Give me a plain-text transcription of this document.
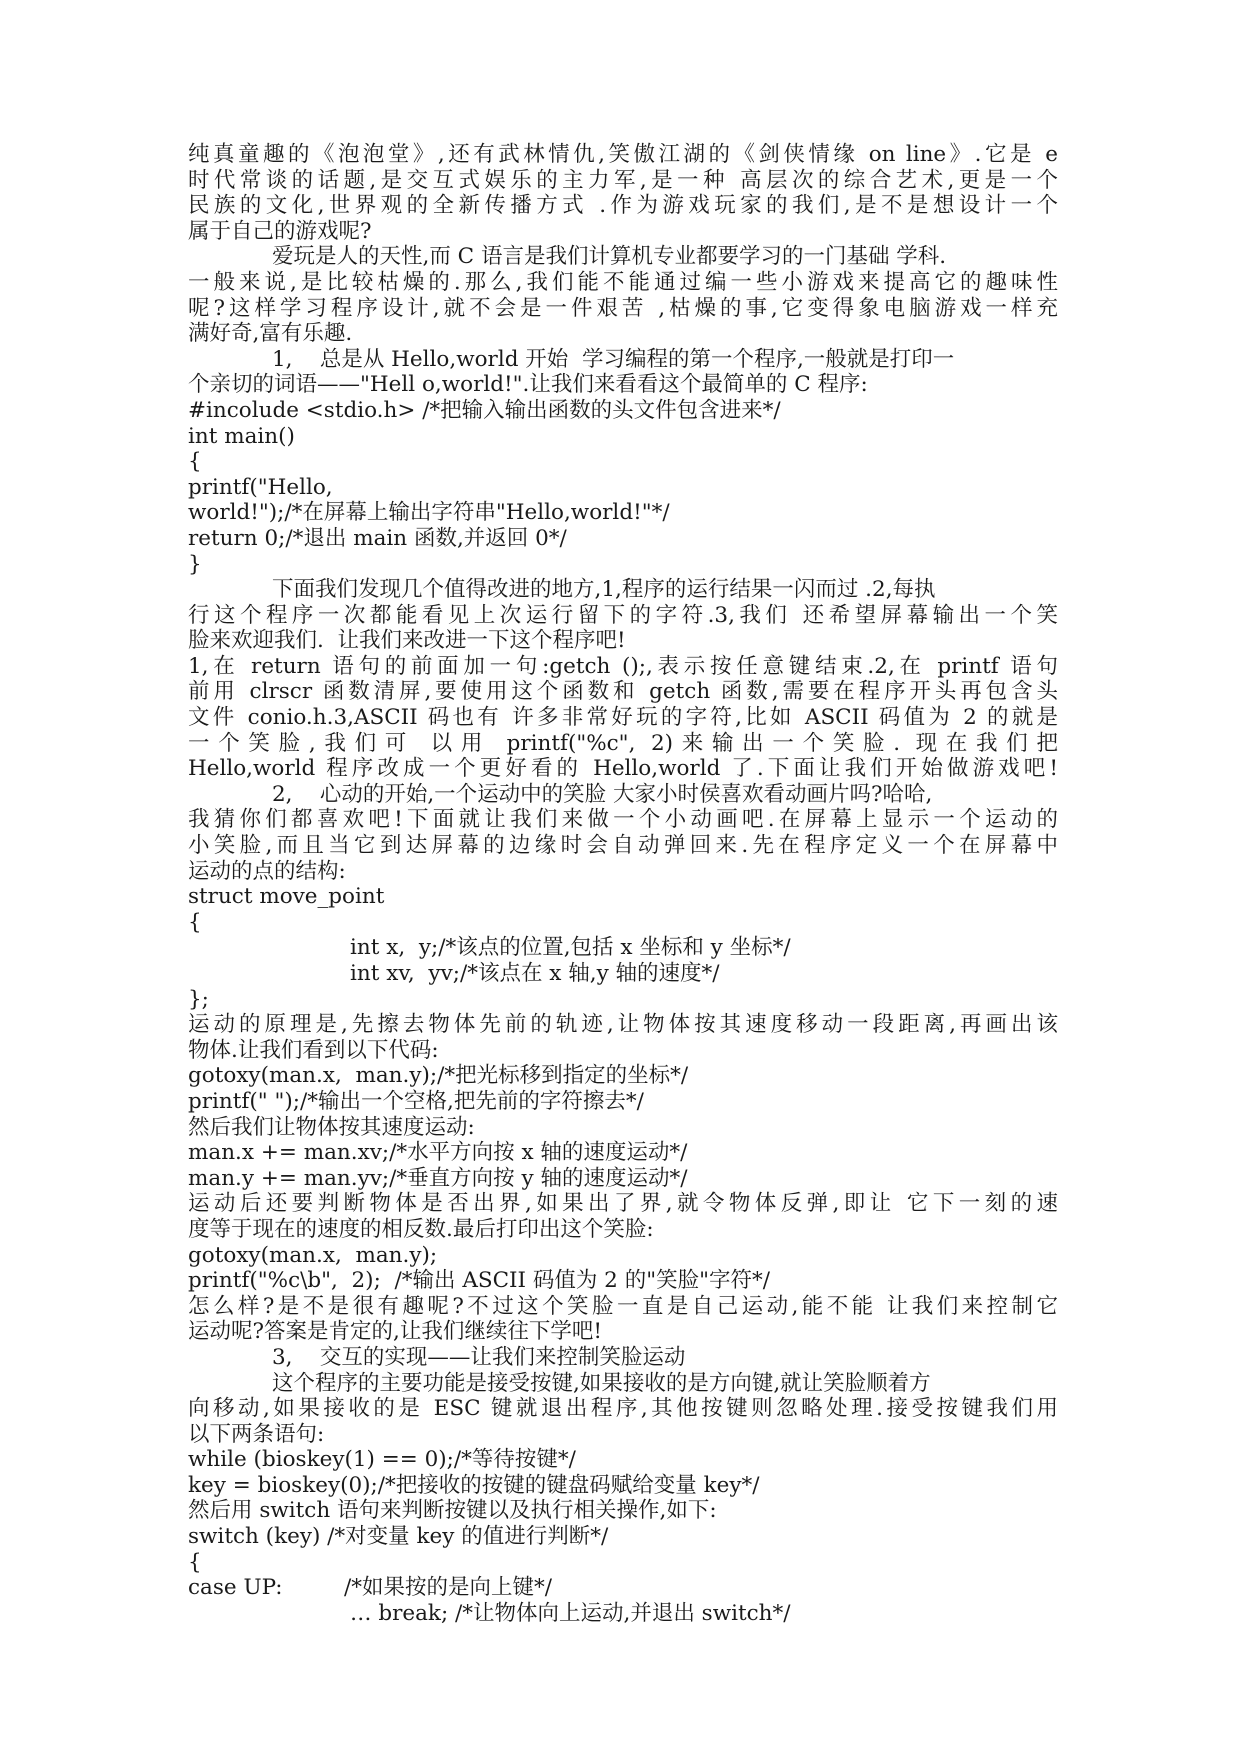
纯真童趣的《泡泡堂》,还有武林情仇,笑傲江湖的《剑侠情缘 on line》.它是 e
时代常谈的话题,是交互式娱乐的主力军,是一种 高层次的综合艺术,更是一个
民族的文化,世界观的全新传播方式 .作为游戏玩家的我们,是不是想设计一个
属于自己的游戏呢?
爱玩是人的天性,而 C 语言是我们计算机专业都要学习的一门基础 学科.
一般来说,是比较枯燥的.那么,我们能不能通过编一些小游戏来提高它的趣味性
呢?这样学习程序设计,就不会是一件艰苦 ,枯燥的事,它变得象电脑游戏一样充
满好奇,富有乐趣.
1,    总是从 Hello,world 开始  学习编程的第一个程序,一般就是打印一
个亲切的词语——"Hell o,world!".让我们来看看这个最简单的 C 程序:
#incolude <stdio.h> /*把输入输出函数的头文件包含进来*/
int main()
{
printf("Hello,
world!");/*在屏幕上输出字符串"Hello,world!"*/
return 0;/*退出 main 函数,并返回 0*/
}
下面我们发现几个值得改进的地方,1,程序的运行结果一闪而过 .2,每执
行这个程序一次都能看见上次运行留下的字符.3,我们 还希望屏幕输出一个笑
脸来欢迎我们.  让我们来改进一下这个程序吧!
1,在 return 语句的前面加一句:getch ();,表示按任意键结束.2,在 printf 语句
前用 clrscr 函数清屏,要使用这个函数和 getch 函数,需要在程序开头再包含头
文件 conio.h.3,ASCII 码也有 许多非常好玩的字符,比如 ASCII 码值为 2 的就是
一个笑脸,我们可 以用 printf("%c", 2)来输出一个笑脸. 现在我们把
Hello,world 程序改成一个更好看的 Hello,world 了.下面让我们开始做游戏吧!
2,    心动的开始,一个运动中的笑脸 大家小时侯喜欢看动画片吗?哈哈,
我猜你们都喜欢吧!下面就让我们来做一个小动画吧.在屏幕上显示一个运动的
小笑脸,而且当它到达屏幕的边缘时会自动弹回来.先在程序定义一个在屏幕中
运动的点的结构:
struct move_point
{
int x,  y;/*该点的位置,包括 x 坐标和 y 坐标*/
int xv,  yv;/*该点在 x 轴,y 轴的速度*/
};
运动的原理是,先擦去物体先前的轨迹,让物体按其速度移动一段距离,再画出该
物体.让我们看到以下代码:
gotoxy(man.x,  man.y);/*把光标移到指定的坐标*/
printf(" ");/*输出一个空格,把先前的字符擦去*/
然后我们让物体按其速度运动:
man.x += man.xv;/*水平方向按 x 轴的速度运动*/
man.y += man.yv;/*垂直方向按 y 轴的速度运动*/
运动后还要判断物体是否出界,如果出了界,就令物体反弹,即让 它下一刻的速
度等于现在的速度的相反数.最后打印出这个笑脸:
gotoxy(man.x,  man.y);
printf("%c\b",  2);  /*输出 ASCII 码值为 2 的"笑脸"字符*/
怎么样?是不是很有趣呢?不过这个笑脸一直是自己运动,能不能 让我们来控制它
运动呢?答案是肯定的,让我们继续往下学吧!
3,    交互的实现——让我们来控制笑脸运动
这个程序的主要功能是接受按键,如果接收的是方向键,就让笑脸顺着方
向移动,如果接收的是 ESC 键就退出程序,其他按键则忽略处理.接受按键我们用
以下两条语句:
while (bioskey(1) == 0);/*等待按键*/
key = bioskey(0);/*把接收的按键的键盘码赋给变量 key*/
然后用 switch 语句来判断按键以及执行相关操作,如下:
switch (key) /*对变量 key 的值进行判断*/
{
case UP:         /*如果按的是向上键*/
… break; /*让物体向上运动,并退出 switch*/
